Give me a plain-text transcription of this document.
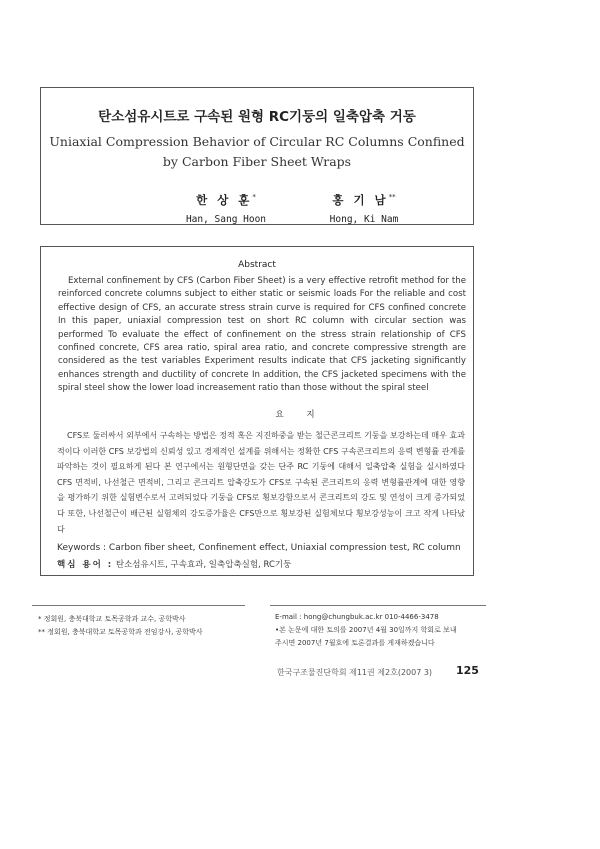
탄소섬유시트로 구속된 원형 RC기둥의 일축압축 거동
Uniaxial Compression Behavior of Circular RC Columns Confined
by Carbon Fiber Sheet Wraps
한 상 훈*
Han, Sang Hoon
홍 기 남**
Hong, Ki Nam
Abstract
External confinement by CFS (Carbon Fiber Sheet) is a very effective retrofit method for the reinforced concrete columns subject to either static or seismic loads For the reliable and cost effective design of CFS, an accurate stress strain curve is required for CFS confined concrete In this paper, uniaxial compression test on short RC column with circular section was performed To evaluate the effect of confinement on the stress strain relationship of CFS confined concrete, CFS area ratio, spiral area ratio, and concrete compressive strength are considered as the test variables Experiment results indicate that CFS jacketing significantly enhances strength and ductility of concrete In addition, the CFS jacketed specimens with the spiral steel show the lower load increasement ratio than those without the spiral steel
요 지
CFS로 둘러싸서 외부에서 구속하는 방법은 정적 혹은 지진하중을 받는 철근콘크리트 기둥을 보강하는데 매우 효과적이다 이러한 CFS 보강법의 신뢰성 있고 경제적인 설계를 위해서는 정확한 CFS 구속콘크리트의 응력 변형률 관계를 파악하는 것이 필요하게 된다 본 연구에서는 원형단면을 갖는 단주 RC 기둥에 대해서 일축압축 실험을 실시하였다 CFS 면적비, 나선철근 면적비, 그리고 콘크리트 압축강도가 CFS로 구속된 콘크리트의 응력 변형률관계에 대한 영향을 평가하기 위한 실험변수로서 고려되었다 기둥을 CFS로 횡보강함으로서 콘크리트의 강도 및 연성이 크게 증가되었다 또한, 나선철근이 배근된 실험체의 강도증가율은 CFS만으로 횡보강된 실험체보다 횡보강성능이 크고 작게 나타났다
Keywords : Carbon fiber sheet, Confinement effect, Uniaxial compression test, RC column
핵심 용어 : 탄소섬유시트, 구속효과, 일축압축실험, RC기둥
* 정회원, 충북대학교 토목공학과 교수, 공학박사
** 정회원, 충북대학교 토목공학과 전임강사, 공학박사
E-mail : hong@chungbuk.ac.kr 010-4466-3478
•본 논문에 대한 토의를 2007년 4월 30일까지 학회로 보내
주시면 2007년 7월호에 토론결과를 게재하겠습니다
한국구조물진단학회 제11권 제2호(2007 3) 125
